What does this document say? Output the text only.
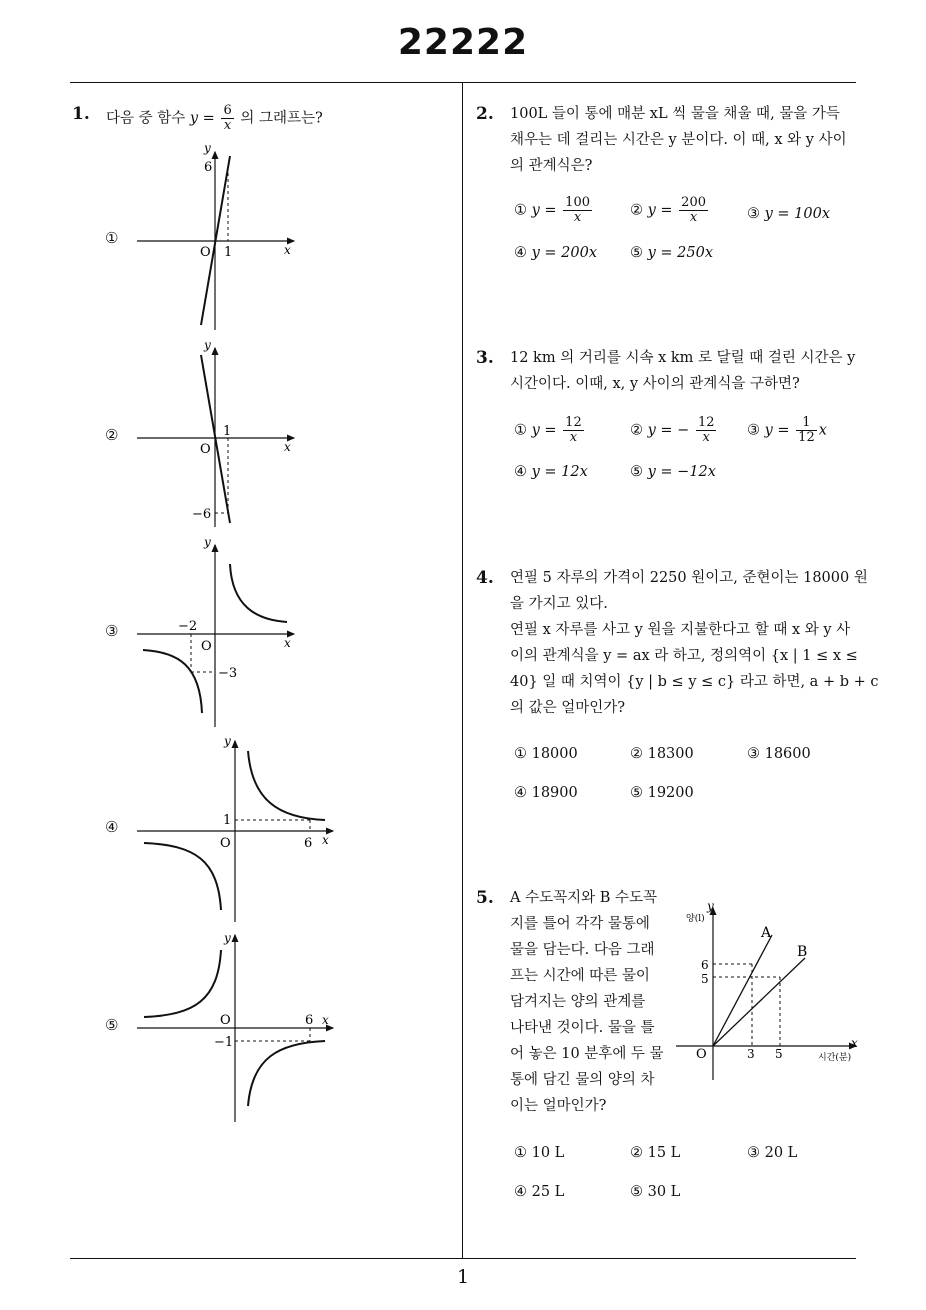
22222
1
1. 다음 중 함수 $y = \frac{6}{x}$ 의 그래프는?
①
y
x
O
6
1
②
y
x
O
1
−6
③
y
x
O
−2
−3
④
y
x
O
1
6
⑤
y
x
O	6
−1
2. 100L 들이 통에 매분 xL 씩 물을 채울 때, 물을 가득
채우는 데 걸리는 시간은 y 분이다. 이 때, x 와 y 사이
의 관계식은?
① $y = \frac{100}{x}$	② $y = \frac{200}{x}$	③ y = 100x
④ y = 200x ⑤ y = 250x
3. 12 km 의 거리를 시속 x km 로 달릴 때 걸린 시간은 y
시간이다. 이때, x, y 사이의 관계식을 구하면?
① $y = \frac{12}{x}$	② y = − $\frac{12}{x}$ ③ $y = \frac{1}{12}$ x
④ y = 12x	⑤ y = −12x
4. 연필 5 자루의 가격이 2250 원이고, 준현이는 18000 원
을 가지고 있다.
연필 x 자루를 사고 y 원을 지불한다고 할 때 x 와 y 사
이의 관계식을 y = ax 라 하고, 정의역이 {x | 1 ≤ x ≤
40} 일 때 치역이 {y | b ≤ y ≤ c} 라고 하면, a + b + c
의 값은 얼마인가?
① 18000	② 18300	③ 18600
④ 18900	⑤ 19200
5. A 수도꼭지와 B 수도꼭
지를 틀어 각각 물통에
물을 담는다. 다음 그래
프는 시간에 따른 물이
담겨지는 양의 관계를
나타낸 것이다. 물을 틀
어 놓은 10 분후에 두 물
통에 담긴 물의 양의 차
이는 얼마인가?
y
양(l)
x
시간(분)
O
A
B
6
5
3 5
① 10 L	② 15 L	③ 20 L
④ 25 L	⑤ 30 L
